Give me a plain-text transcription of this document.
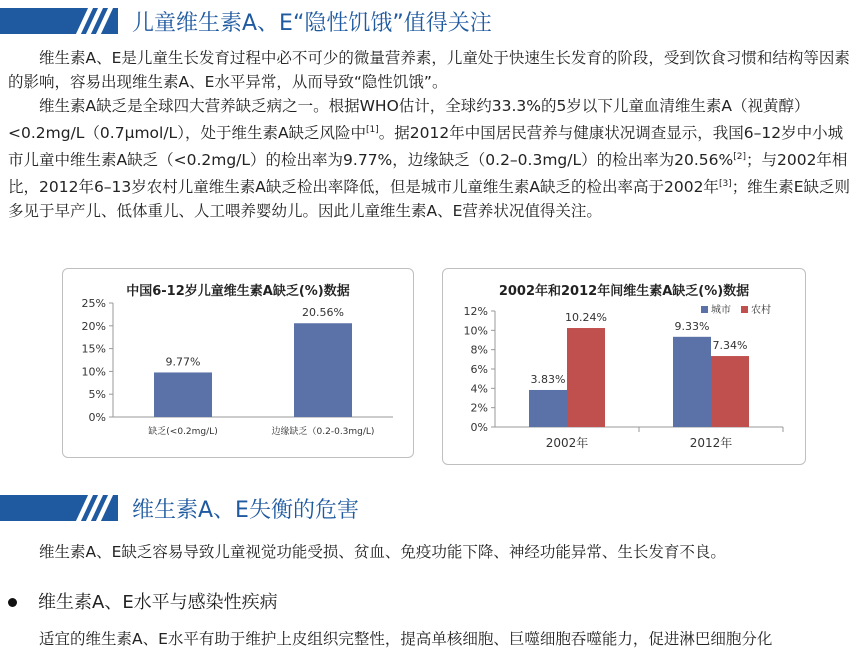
儿童维生素A、E“隐性饥饿”值得关注

维生素A、E是儿童生长发育过程中必不可少的微量营养素，儿童处于快速生长发育的阶段，受到饮食习惯和结构等因素的影响，容易出现维生素A、E水平异常，从而导致“隐性饥饿”。

维生素A缺乏是全球四大营养缺乏病之一。根据WHO估计，全球约33.3%的5岁以下儿童血清维生素A（视黄醇）<0.2mg/L（0.7μmol/L），处于维生素A缺乏风险中[1]。据2012年中国居民营养与健康状况调查显示，我国6–12岁中小城市儿童中维生素A缺乏（<0.2mg/L）的检出率为9.77%，边缘缺乏（0.2–0.3mg/L）的检出率为20.56%[2]；与2002年相比，2012年6–13岁农村儿童维生素A缺乏检出率降低，但是城市儿童维生素A缺乏的检出率高于2002年[3]；维生素E缺乏则多见于早产儿、低体重儿、人工喂养婴幼儿。因此儿童维生素A、E营养状况值得关注。

中国6-12岁儿童维生素A缺乏(%)数据
0%
5%
10%
15%
20%
25%
9.77%
缺乏(<0.2mg/L)
20.56%
边缘缺乏（0.2-0.3mg/L)
2002年和2012年间维生素A缺乏(%)数据
0%
2%
4%
6%
8%
10%
12%
3.83%
10.24%
2002年
9.33%
7.34%
2012年
城市 农村
维生素A、E失衡的危害

维生素A、E缺乏容易导致儿童视觉功能受损、贫血、免疫功能下降、神经功能异常、生长发育不良。

维生素A、E水平与感染性疾病

适宜的维生素A、E水平有助于维护上皮组织完整性，提高单核细胞、巨噬细胞吞噬能力，促进淋巴细胞分化
